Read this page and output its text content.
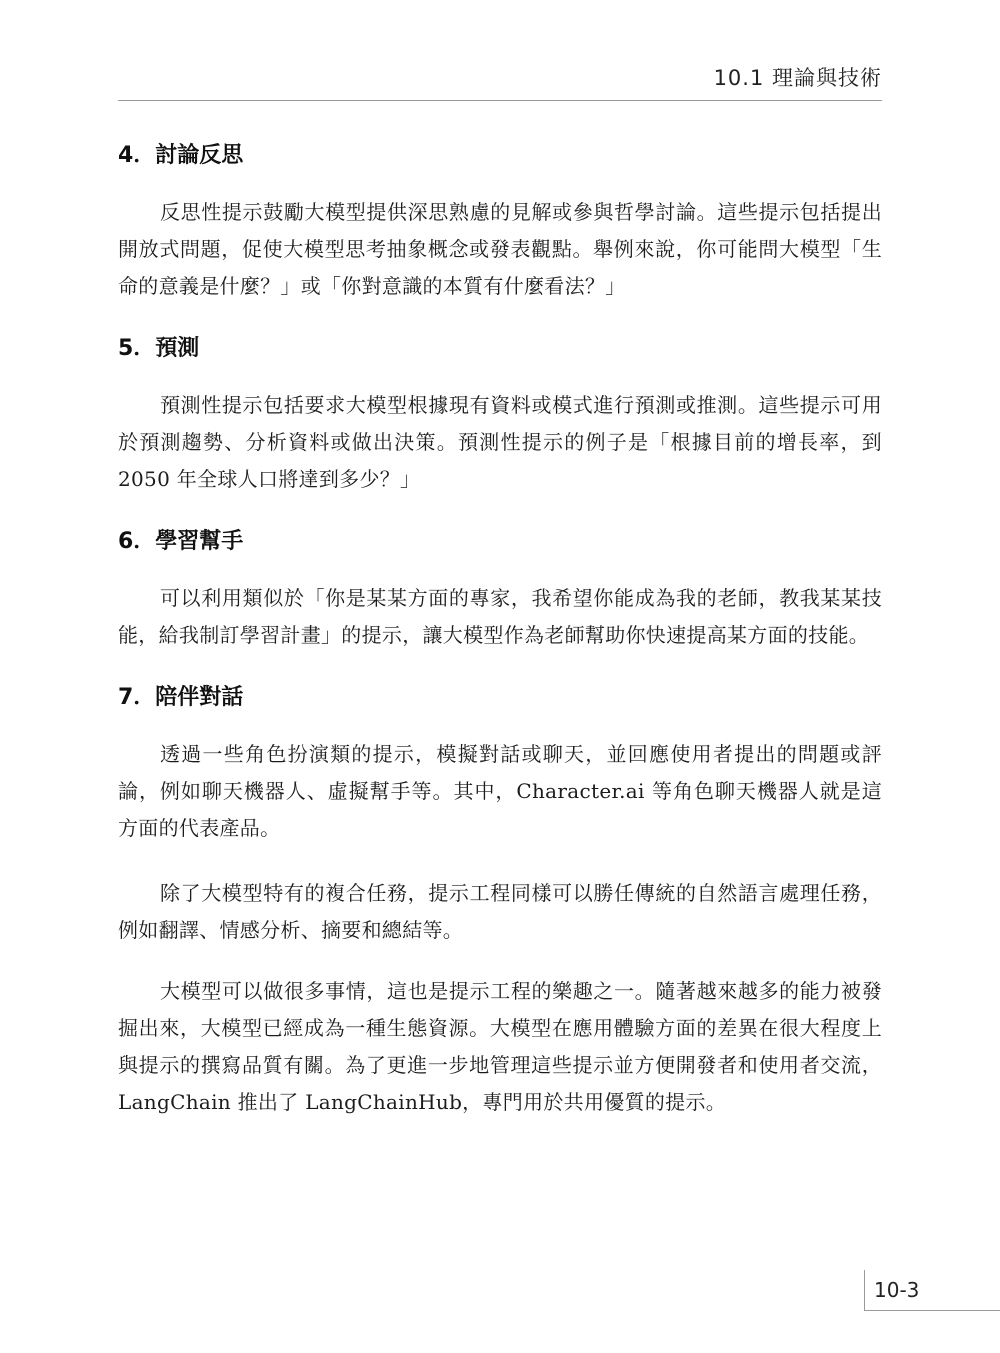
10.1 理論與技術
4．討論反思

反思性提示鼓勵大模型提供深思熟慮的見解或參與哲學討論。這些提示包括提出開放式問題，促使大模型思考抽象概念或發表觀點。舉例來說，你可能問大模型「生命的意義是什麼？」或「你對意識的本質有什麼看法？」

5．預測

預測性提示包括要求大模型根據現有資料或模式進行預測或推測。這些提示可用於預測趨勢、分析資料或做出決策。預測性提示的例子是「根據目前的增長率，到 2050 年全球人口將達到多少？」

6．學習幫手

可以利用類似於「你是某某方面的專家，我希望你能成為我的老師，教我某某技能，給我制訂學習計畫」的提示，讓大模型作為老師幫助你快速提高某方面的技能。

7．陪伴對話

透過一些角色扮演類的提示，模擬對話或聊天，並回應使用者提出的問題或評論，例如聊天機器人、虛擬幫手等。其中，Character.ai 等角色聊天機器人就是這方面的代表產品。

除了大模型特有的複合任務，提示工程同樣可以勝任傳統的自然語言處理任務，例如翻譯、情感分析、摘要和總結等。

大模型可以做很多事情，這也是提示工程的樂趣之一。隨著越來越多的能力被發掘出來，大模型已經成為一種生態資源。大模型在應用體驗方面的差異在很大程度上與提示的撰寫品質有關。為了更進一步地管理這些提示並方便開發者和使用者交流，LangChain 推出了 LangChainHub，專門用於共用優質的提示。

10-3
